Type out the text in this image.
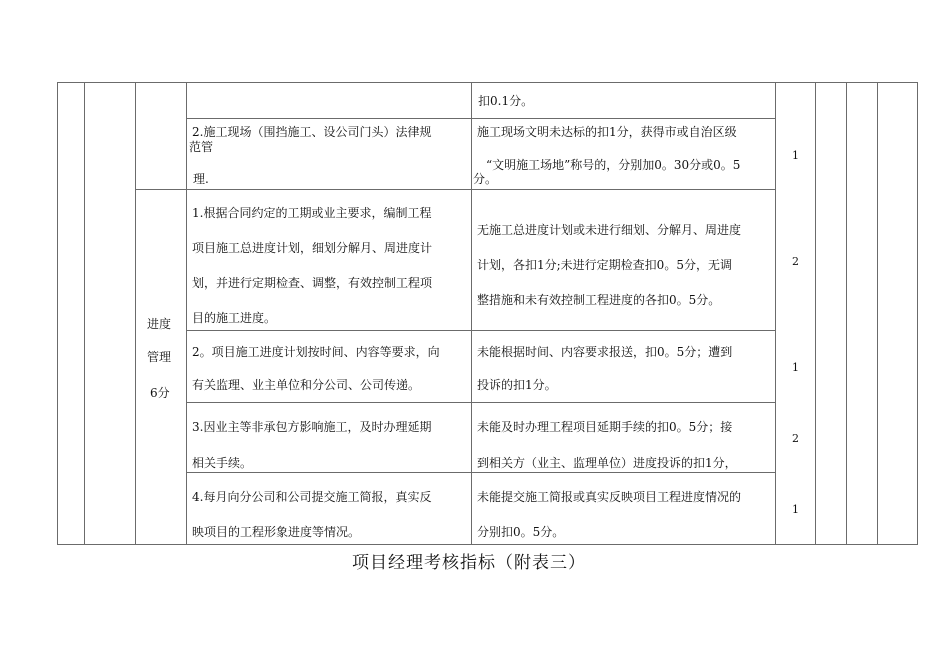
进度
管理
6分
扣0.1分。
2.施工现场（围挡施工、设公司门头）法律规
范管
理.
施工现场文明未达标的扣1分，获得市或自治区级
“文明施工场地”称号的，分别加0。30分或0。5
分。
1
1.根据合同约定的工期或业主要求，编制工程
项目施工总进度计划，细划分解月、周进度计
划，并进行定期检查、调整，有效控制工程项
目的施工进度。
无施工总进度计划或未进行细划、分解月、周进度
计划，各扣1分;未进行定期检查扣0。5分，无调
整措施和未有效控制工程进度的各扣0。5分。
2
2。项目施工进度计划按时间、内容等要求，向
有关监理、业主单位和分公司、公司传递。
未能根据时间、内容要求报送，扣0。5分；遭到
投诉的扣1分。
1
3.因业主等非承包方影响施工，及时办理延期
相关手续。
未能及时办理工程项目延期手续的扣0。5分；接
到相关方（业主、监理单位）进度投诉的扣1分，
2
4.每月向分公司和公司提交施工简报，真实反
映项目的工程形象进度等情况。
未能提交施工简报或真实反映项目工程进度情况的
分别扣0。5分。
1
项目经理考核指标（附表三）
